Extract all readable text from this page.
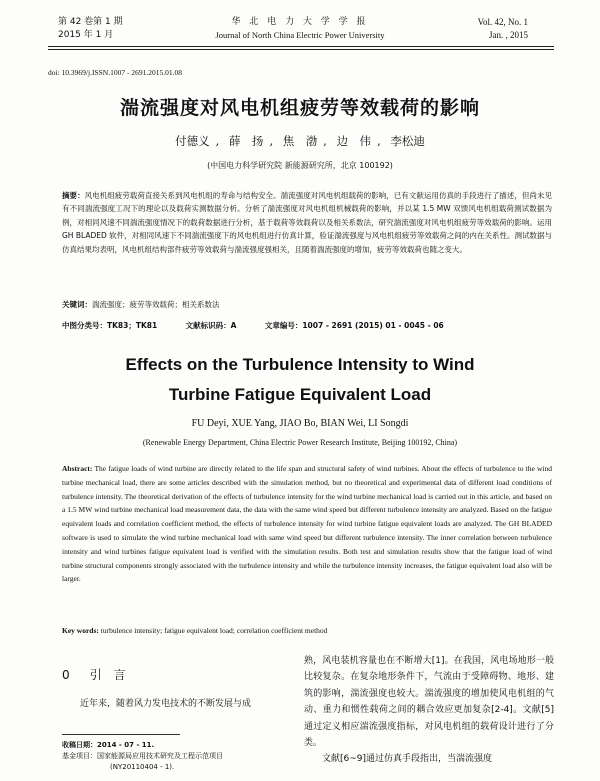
第 42 卷第 1 期
2015 年 1 月
华 北 电 力 大 学 学 报
Journal of North China Electric Power University
Vol. 42, No. 1
Jan. , 2015
doi: 10.3969/j.ISSN.1007 - 2691.2015.01.08
湍流强度对风电机组疲劳等效载荷的影响
付德义 , 薛　扬 , 焦　渤 , 边　伟 , 李松迪
(中国电力科学研究院 新能源研究所，北京 100192)
摘要：风电机组疲劳载荷直接关系到风电机组的寿命与结构安全。湍流强度对风电机组载荷的影响，已有文献运用仿真的手段进行了描述，但尚未见有不同湍流强度工况下的理论以及载荷实测数据分析。分析了湍流强度对风电机组机械载荷的影响，并以某 1.5 MW 双馈风电机组载荷测试数据为例，对相同风速不同湍流强度情况下的载荷数据进行分析，基于载荷等效载荷以及相关系数法，研究湍流强度对风电机组疲劳等效载荷的影响。运用 GH BLADED 软件，对相同风速下不同湍流强度下的风电机组进行仿真计算，验证湍流强度与风电机组疲劳等效载荷之间的内在关系性。测试数据与仿真结果均表明，风电机组结构部件疲劳等效载荷与湍流强度强相关，且随着湍流强度的增加，疲劳等效载荷也随之变大。
关键词：湍流强度；疲劳等效载荷；相关系数法
中图分类号：TK83；TK81	文献标识码：A	文章编号：1007 - 2691 (2015) 01 - 0045 - 06
Effects on the Turbulence Intensity to Wind
Turbine Fatigue Equivalent Load
FU Deyi, XUE Yang, JIAO Bo, BIAN Wei, LI Songdi
(Renewable Energy Department, China Electric Power Research Institute, Beijing 100192, China)
Abstract: The fatigue loads of wind turbine are directly related to the life span and structural safety of wind turbines. About the effects of turbulence to the wind turbine mechanical load, there are some articles described with the simulation method, but no theoretical and experimental data of different load conditions of turbulence intensity. The theoretical derivation of the effects of turbulence intensity for the wind turbine mechanical load is carried out in this article, and based on a 1.5 MW wind turbine mechanical load measurement data, the data with the same wind speed but different turbulence intensity are analyzed. Based on the fatigue equivalent loads and correlation coefficient method, the effects of turbulence intensity for wind turbine fatigue equivalent loads are analyzed. The GH BLADED software is used to simulate the wind turbine mechanical load with same wind speed but different turbulence intensity. The inner correlation between turbulence intensity and wind turbines fatigue equivalent load is verified with the simulation results. Both test and simulation results show that the fatigue load of wind turbine structural components strongly associated with the turbulence intensity and while the turbulence intensity increases, the fatigue equivalent load also will be larger.
Key words: turbulence intensity; fatigue equivalent load; correlation coefficient method
0 引　言
近年来，随着风力发电技术的不断发展与成
收稿日期：2014 - 07 - 11.
基金项目：国家能源局应用技术研究及工程示范项目
(NY20110404 - 1).

熟，风电装机容量也在不断增大[1]。在我国，风电场地形一般比较复杂。在复杂地形条件下，气流由于受障碍物、地形、建筑的影响，湍流强度也较大。湍流强度的增加使风电机组的气动、重力和惯性载荷之间的耦合效应更加复杂[2-4]。文献[5]通过定义相应湍流强度指标，对风电机组的载荷设计进行了分类。

文献[6~9]通过仿真手段指出，当湍流强度
